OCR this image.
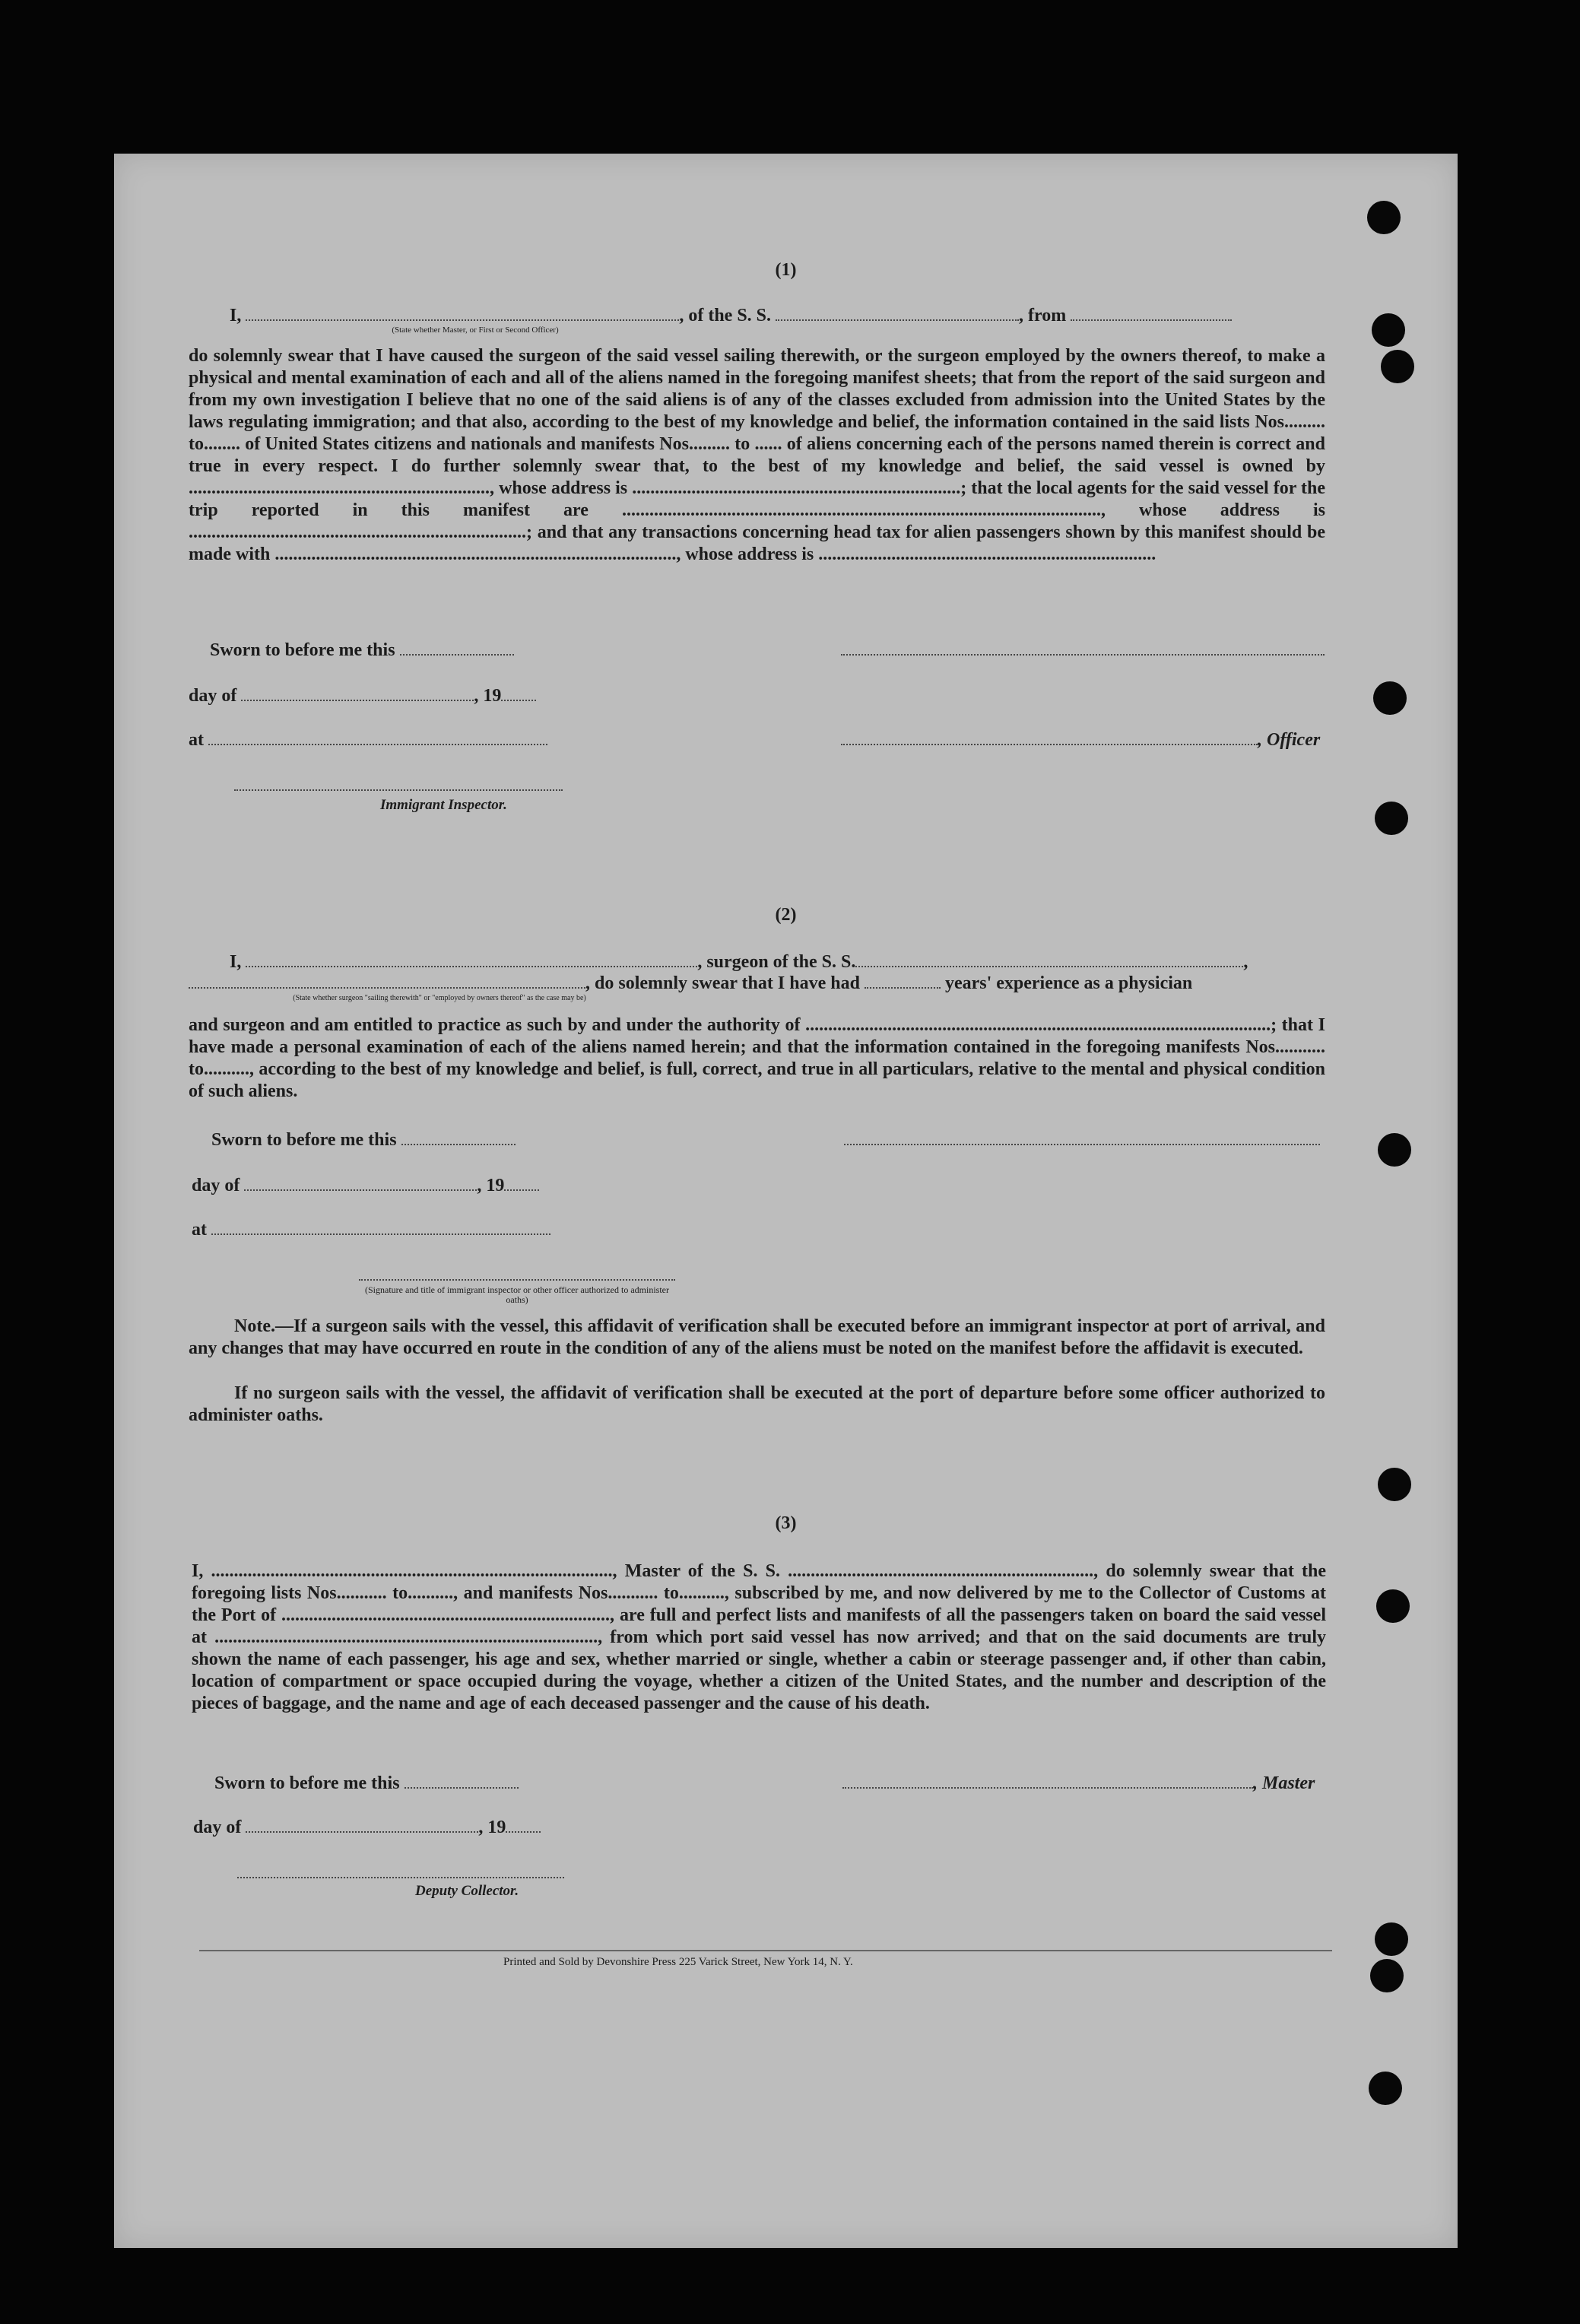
(1)
I,	, of the S. S.	, from
(State whether Master, or First or Second Officer)
do solemnly swear that I have caused the surgeon of the said vessel sailing therewith, or the surgeon employed by the owners thereof, to make a physical and mental examination of each and all of the aliens named in the foregoing manifest sheets; that from the report of the said surgeon and from my own investigation I believe that no one of the said aliens is of any of the classes excluded from admission into the United States by the laws regulating immigration; and that also, according to the best of my knowledge and belief, the information contained in the said lists Nos......... to........ of United States citizens and nationals and manifests Nos......... to ...... of aliens concerning each of the persons named therein is correct and true in every respect. I do further solemnly swear that, to the best of my knowledge and belief, the said vessel is owned by .................................................................., whose address is ........................................................................; that the local agents for the said vessel for the trip reported in this manifest are ........................................................................................................., whose address is ..........................................................................; and that any transactions concerning head tax for alien passengers shown by this manifest should be made with ........................................................................................, whose address is ..........................................................................
Sworn to before me this
day of	, 19
at	, Officer
Immigrant Inspector.
(2)
I,	, surgeon of the S. S.	,
, do solemnly swear that I have had	years' experience as a physician
(State whether surgeon "sailing therewith" or "employed by owners thereof" as the case may be)
and surgeon and am entitled to practice as such by and under the authority of ......................................................................................................; that I have made a personal examination of each of the aliens named herein; and that the information contained in the foregoing manifests Nos........... to.........., according to the best of my knowledge and belief, is full, correct, and true in all particulars, relative to the mental and physical condition of such aliens.
Sworn to before me this
day of	, 19
at
(Signature and title of immigrant inspector or other officer authorized to administer oaths)
Note.—If a surgeon sails with the vessel, this affidavit of verification shall be executed before an immigrant inspector at port of arrival, and any changes that may have occurred en route in the condition of any of the aliens must be noted on the manifest before the affidavit is executed.
If no surgeon sails with the vessel, the affidavit of verification shall be executed at the port of departure before some officer authorized to administer oaths.
(3)
I, ........................................................................................, Master of the S. S. ..................................................................., do solemnly swear that the foregoing lists Nos........... to.........., and manifests Nos........... to.........., subscribed by me, and now delivered by me to the Collector of Customs at the Port of ........................................................................, are full and perfect lists and manifests of all the passengers taken on board the said vessel at ...................................................................................., from which port said vessel has now arrived; and that on the said documents are truly shown the name of each passenger, his age and sex, whether married or single, whether a cabin or steerage passenger and, if other than cabin, location of compartment or space occupied during the voyage, whether a citizen of the United States, and the number and description of the pieces of baggage, and the name and age of each deceased passenger and the cause of his death.
Sworn to before me this	, Master
day of	, 19
Deputy Collector.
Printed and Sold by Devonshire Press 225 Varick Street, New York 14, N. Y.
